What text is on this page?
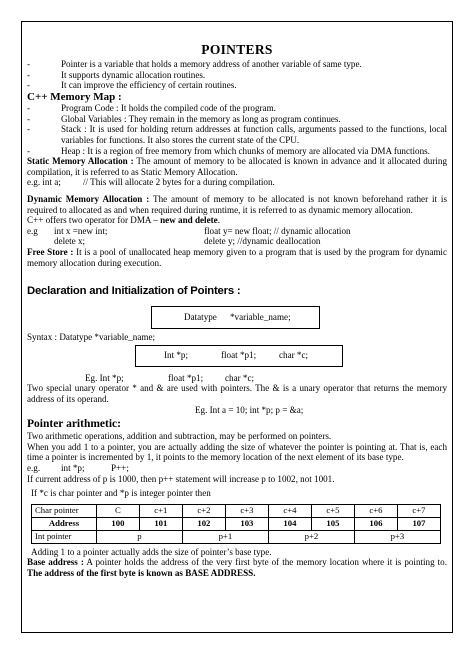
POINTERS
-	Pointer is a variable that holds a memory address of another variable of same type.
-	It supports dynamic allocation routines.
-	It can improve the efficiency of certain routines.
C++ Memory Map :
-	Program Code : It holds the compiled code of the program.
-	Global Variables : They remain in the memory as long as program continues.
-	Stack : It is used for holding return addresses at function calls, arguments passed to the functions, local variables for functions. It also stores the current state of the CPU.
-	Heap : It is a region of free memory from which chunks of memory are allocated via DMA functions.
Static Memory Allocation : The amount of memory to be allocated is known in advance and it allocated during compilation, it is referred to as Static Memory Allocation.
e.g. int a;	// This will allocate 2 bytes for a during compilation.
Dynamic Memory Allocation : The amount of memory to be allocated is not known beforehand rather it is required to allocated as and when required during runtime, it is referred to as dynamic memory allocation.
C++ offers two operator for DMA – new and delete.
e.g	int x =new int;	float y= new float; // dynamic allocation
delete x;	delete y; //dynamic deallocation
Free Store : It is a pool of unallocated heap memory given to a program that is used by the program for dynamic memory allocation during execution.
Declaration and Initialization of Pointers :
Datatype	*variable_name;
Syntax : Datatype *variable_name;
Int *p;	float *p1;	char *c;
Eg. Int *p;	float *p1;	char *c;
Two special unary operator * and & are used with pointers. The & is a unary operator that returns the memory address of its operand.
Eg. Int a = 10; int *p; p = &a;
Pointer arithmetic:
Two arithmetic operations, addition and subtraction, may be performed on pointers.
When you add 1 to a pointer, you are actually adding the size of whatever the pointer is pointing at. That is, each time a pointer is incremented by 1, it points to the memory location of the next element of its base type.
e.g.	int *p;	P++;
If current address of p is 1000, then p++ statement will increase p to 1002, not 1001.
If *c is char pointer and *p is integer pointer then
Char pointer	C	c+1	c+2	c+3	c+4	c+5	c+6	c+7
Address	100	101	102	103	104	105	106	107
Int pointer	p		p+1		p+2		p+3	
Adding 1 to a pointer actually adds the size of pointer’s base type.
Base address : A pointer holds the address of the very first byte of the memory location where it is pointing to. The address of the first byte is known as BASE ADDRESS.
